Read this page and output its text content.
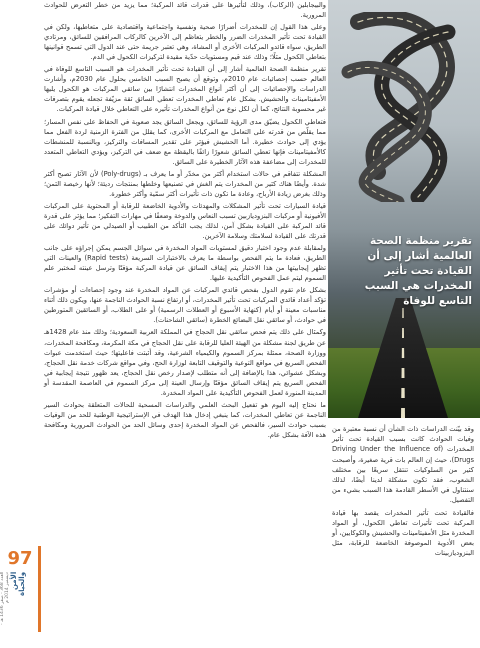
تقرير منظمة الصحة العالمية أشار إلى أن القيادة تحت تأثير المخدرات هي السبب التاسع للوفاة

وقد بيّنت الدراسات ذات الشأن أن نسبة معتبرة من وفيات الحوادث كانت بسبب القيادة تحت تأثير المخدرات (Driving Under the Influence of Drugs)، حيث إن العالم بات قرية صغيرة، وأصبحت كثير من السلوكيات تنتقل سريعًا بين مختلف الشعوب، فقد تكون مشكلة لدينا أيضًا، لذلك سنتناول في الأسطر القادمة هذا السبب بشيء من التفصيل.

فالقيادة تحت تأثير المخدرات يقصد بها قيادة المركبة تحت تأثيرات تعاطي الكحول، أو المواد المخدرة مثل الأمفيتامينات والحشيش والكوكايين، أو بعض الأدوية الموصوفة الخاضعة للرقابة، مثل البنزوديازبينات

والبيجابلين (الركاب)، وذلك لتأثيرها على قدرات قائد المركبة؛ مما يزيد من خطر التعرض للحوادث المرورية.

وعلى هذا القول إن للمخدرات أضرارًا صحية ونفسية واجتماعية واقتصادية على متعاطيها، ولكن في القيادة تحت تأثير المخدرات الضرر والخطر يتعاظم إلى الآخرين كالركاب المرافقين للسائق، ومرتادي الطريق، سواء قائدو المركبات الأخرى أو المشاة، وهي تعتبر جريمة حتى عند الدول التي تسمح قوانينها بتعاطي الكحول مثلًا؛ وذلك عند قيم ومستويات حدّية مقيدة لتركيزات الكحول في الدم.

تقرير منظمة الصحة العالمية أشار إلى أن القيادة تحت تأثير المخدرات هو السبب التاسع للوفاة في العالم حسب إحصائيات عام 2010م، وتوقع أن يصبح السبب الخامس بحلول عام 2030م، وأشارت الدراسات والإحصائيات إلى أن أكثر أنواع المخدرات انتشارًا بين سائقي المركبات هو الكحول يليها الأمفيتامينات والحشيش. بشكل عام تعاطي المخدرات تعطي السائق ثقة مزيّفة تجعله يقوم بتصرفات غير محسوبة النتائج، كما أن لكل نوع من أنواع المخدرات تأثيره على التعاطي خلال قيادة المركبات.

فتعاطي الكحول يضيّق مدى الرؤية للسائق، ويجعل السائق يجد صعوبة في الحفاظ على نفس المسار؛ مما يقلّص من قدرته على التعامل مع المركبات الأخرى، كما يقلل من الفترة الزمنية لردة الفعل مما يؤدي إلى حوادث خطيرة. أما الحشيش فيؤثر على تقدير المسافات والتركيز، وبالنسبة للمنشطات كالأمفيتامينات فإنها تعطي السائق شعورًا زائفًا باليقظة مع ضعف في التركيز، ويؤدي التعاطي المتعدد للمخدرات إلى مضاعفة هذه الآثار الخطيرة على السائق.

المشكلة تتفاقم في حالات استخدام أكثر من مخدّر أو ما يعرف بـ (Poly-drugs) لأن الآثار تصبح أكثر شدة. وأيضًا هناك كثير من المخدرات يتم الغش في تصنيعها وخلطها بمنتجات رديئة؛ لأنها رخيصة الثمن؛ وذلك بغرض زيادة الأرباح، وعادة ما تكون ذات تأثيرات أكثر سمّية وأكثر خطورة.

قيادة السيارات تحت تأثير المشكلات والمهدئات والأدوية الخاضعة للرقابة أو المحتوية على المركبات الأفيونية أو مركبات البنزوديازبين تسبب النعاس والدوخة وضعفًا في مهارات التفكير؛ مما يؤثر على قدرة قائد المركبة على القيادة بشكل آمن، لذلك يجب التأكد من الطبيب أو الصيدلي من تأثير دوائك على قدرتك على القيادة لسلامتك وسلامة الآخرين.

ولمقابلة عدم وجود اختبار دقيق لمستويات المواد المخدرة في سوائل الجسم يمكن إجراؤه على جانب الطريق، فعادة ما يتم الفحص بواسطة ما يعرف بالاختبارات السريعة (Rapid tests) والعينات التي تظهر إيجابيتها من هذا الاختبار يتم إيقاف السائق عن قيادة المركبة مؤقتًا وترسل عينته لمختبر علم السموم ليتم عمل الفحوص التأكيدية عليها.

بشكل عام تقوم الدول بفحص قائدي المركبات عن المواد المخدرة عند وجود إحصاءات أو مؤشرات تؤكد أعداد قائدي المركبات تحت تأثير المخدرات، أو ارتفاع نسبة الحوادث الناجمة عنها، ويكون ذلك أثناء مناسبات معينة أو أيام (كنهاية الأسبوع أو العطلات الرسمية) أو على الطلاب، أو السائقين المتورطين في حوادث، أو سائقي نقل البضائع الخطرة (سائقي الشاحنات).

وكمثال على ذلك يتم فحص سائقي نقل الحجاج في المملكة العربية السعودية؛ وذلك منذ عام 1428هـ عن طريق لجنة مشكلة من الهيئة العليا للرقابة على نقل الحجاج في مكة المكرمة، ومكافحة المخدرات، ووزارة الصحة، ممثلة بمركز السموم والكيمياء الشرعية، وقد أثبتت فاعليتها؛ حيث استخدمت عبوات الفحص السريع في مواقع التوعية والتوقيف التابعة لوزارة الحج، وفي مواقع شركات خدمة نقل الحجاج، وبشكل عشوائي، هذا بالإضافة إلى أنه متطلب لإصدار رخص نقل الحجاج، يعد ظهور نتيجة إيجابية في الفحص السريع يتم إيقاف السائق مؤقتًا وإرسال العينة إلى مركز السموم في العاصمة المقدسة أو المدينة المنورة لعمل الفحوص التأكيدية على المواد المخدرة.

ما نحتاج إليه اليوم هو تفعيل البحث العلمي والدراسات المسحية للحالات المتعلقة بحوادث السير الناجمة عن تعاطي المخدرات، كما ينبغي إدخال هذا الهدف في الإستراتيجية الوطنية للحد من الوفيات بسبب حوادث السير، فالفحص عن المواد المخدرة إحدى وسائل الحد من الحوادث المرورية ومكافحة هذه الآفة بشكل عام.

97
الأمن والحياة
العدد 368 - صفر 1436 هـ - ديسمبر 2014 م
